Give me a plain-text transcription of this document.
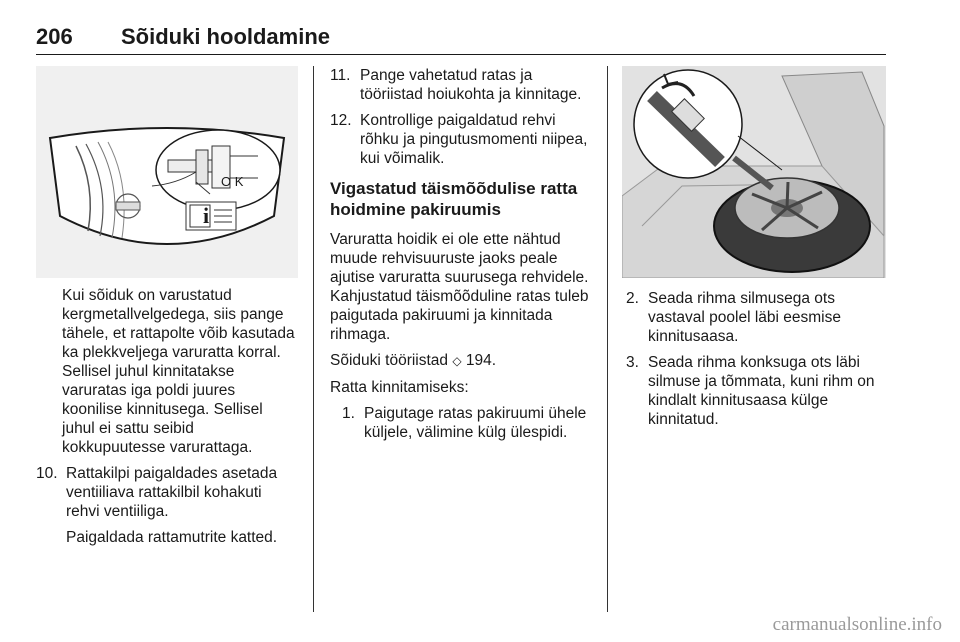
206 Sõiduki hooldamine
i
O K

Kui sõiduk on varustatud kergmetallvelgedega, siis pange tähele, et rattapolte võib kasutada ka plekkveljega varuratta korral. Sellisel juhul kinnitatakse varuratas iga poldi juures koonilise kinnitusega. Sellisel juhul ei sattu seibid kokkupuutesse varurattaga.

10. Rattakilpi paigaldades asetada ventiiliava rattakilbil kohakuti rehvi ventiiliga.

Paigaldada rattamutrite katted.

11. Pange vahetatud ratas ja tööriistad hoiukohta ja kinnitage.
12. Kontrollige paigaldatud rehvi rõhku ja pingutusmomenti niipea, kui võimalik.
Vigastatud täismõõdulise ratta hoidmine pakiruumis

Varuratta hoidik ei ole ette nähtud muude rehvisuuruste jaoks peale ajutise varuratta suurusega rehvidele. Kahjustatud täismõõduline ratas tuleb paigutada pakiruumi ja kinnitada rihmaga.

Sõiduki tööriistad ◇ 194.

Ratta kinnitamiseks:

1. Paigutage ratas pakiruumi ühele küljele, välimine külg ülespidi.
2. Seada rihma silmusega ots vastaval poolel läbi eesmise kinnitusaasa.
3. Seada rihma konksuga ots läbi silmuse ja tõmmata, kuni rihm on kindlalt kinnitusaasa külge kinnitatud.
carmanualsonline.info
